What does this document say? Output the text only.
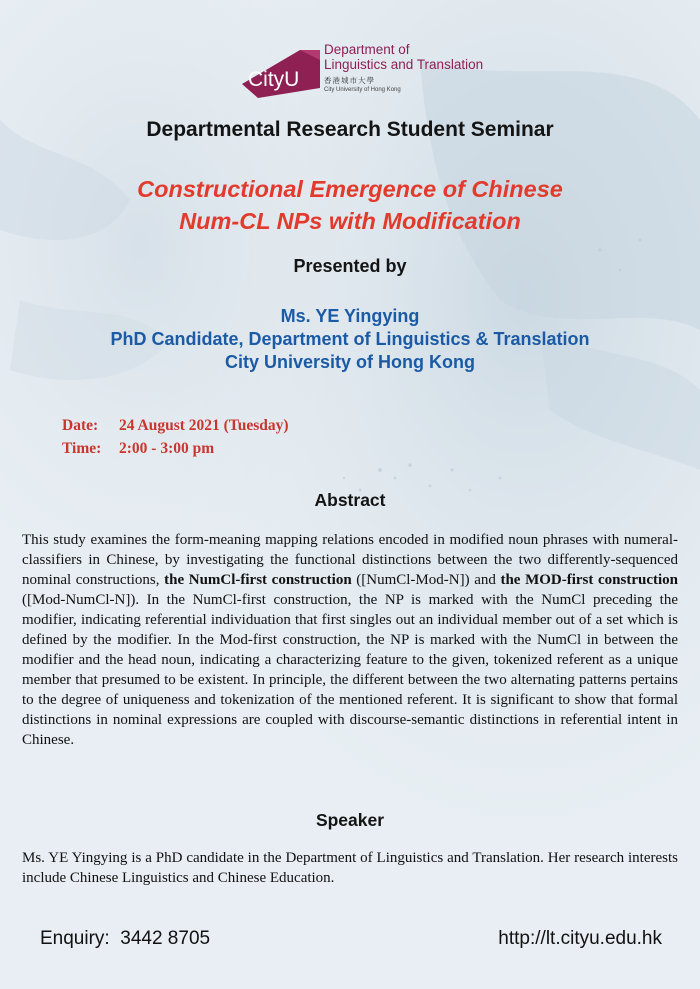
CityU
Department of
Linguistics and Translation
香港城市大學
City University of Hong Kong
Departmental Research Student Seminar
Constructional Emergence of Chinese
Num-CL NPs with Modification
Presented by
Ms. YE Yingying
PhD Candidate, Department of Linguistics & Translation
City University of Hong Kong
Date: 24 August 2021 (Tuesday)
Time: 2:00 - 3:00 pm
Abstract
This study examines the form-meaning mapping relations encoded in modified noun phrases with numeral-classifiers in Chinese, by investigating the functional distinctions between the two differently-sequenced nominal constructions, the NumCl-first construction ([NumCl-Mod-N]) and the MOD-first construction ([Mod-NumCl-N]). In the NumCl-first construction, the NP is marked with the NumCl preceding the modifier, indicating referential individuation that first singles out an individual member out of a set which is defined by the modifier. In the Mod-first construction, the NP is marked with the NumCl in between the modifier and the head noun, indicating a characterizing feature to the given, tokenized referent as a unique member that presumed to be existent. In principle, the different between the two alternating patterns pertains to the degree of uniqueness and tokenization of the mentioned referent. It is significant to show that formal distinctions in nominal expressions are coupled with discourse-semantic distinctions in referential intent in Chinese.
Speaker
Ms. YE Yingying is a PhD candidate in the Department of Linguistics and Translation. Her research interests include Chinese Linguistics and Chinese Education.
Enquiry: 3442 8705	http://lt.cityu.edu.hk
